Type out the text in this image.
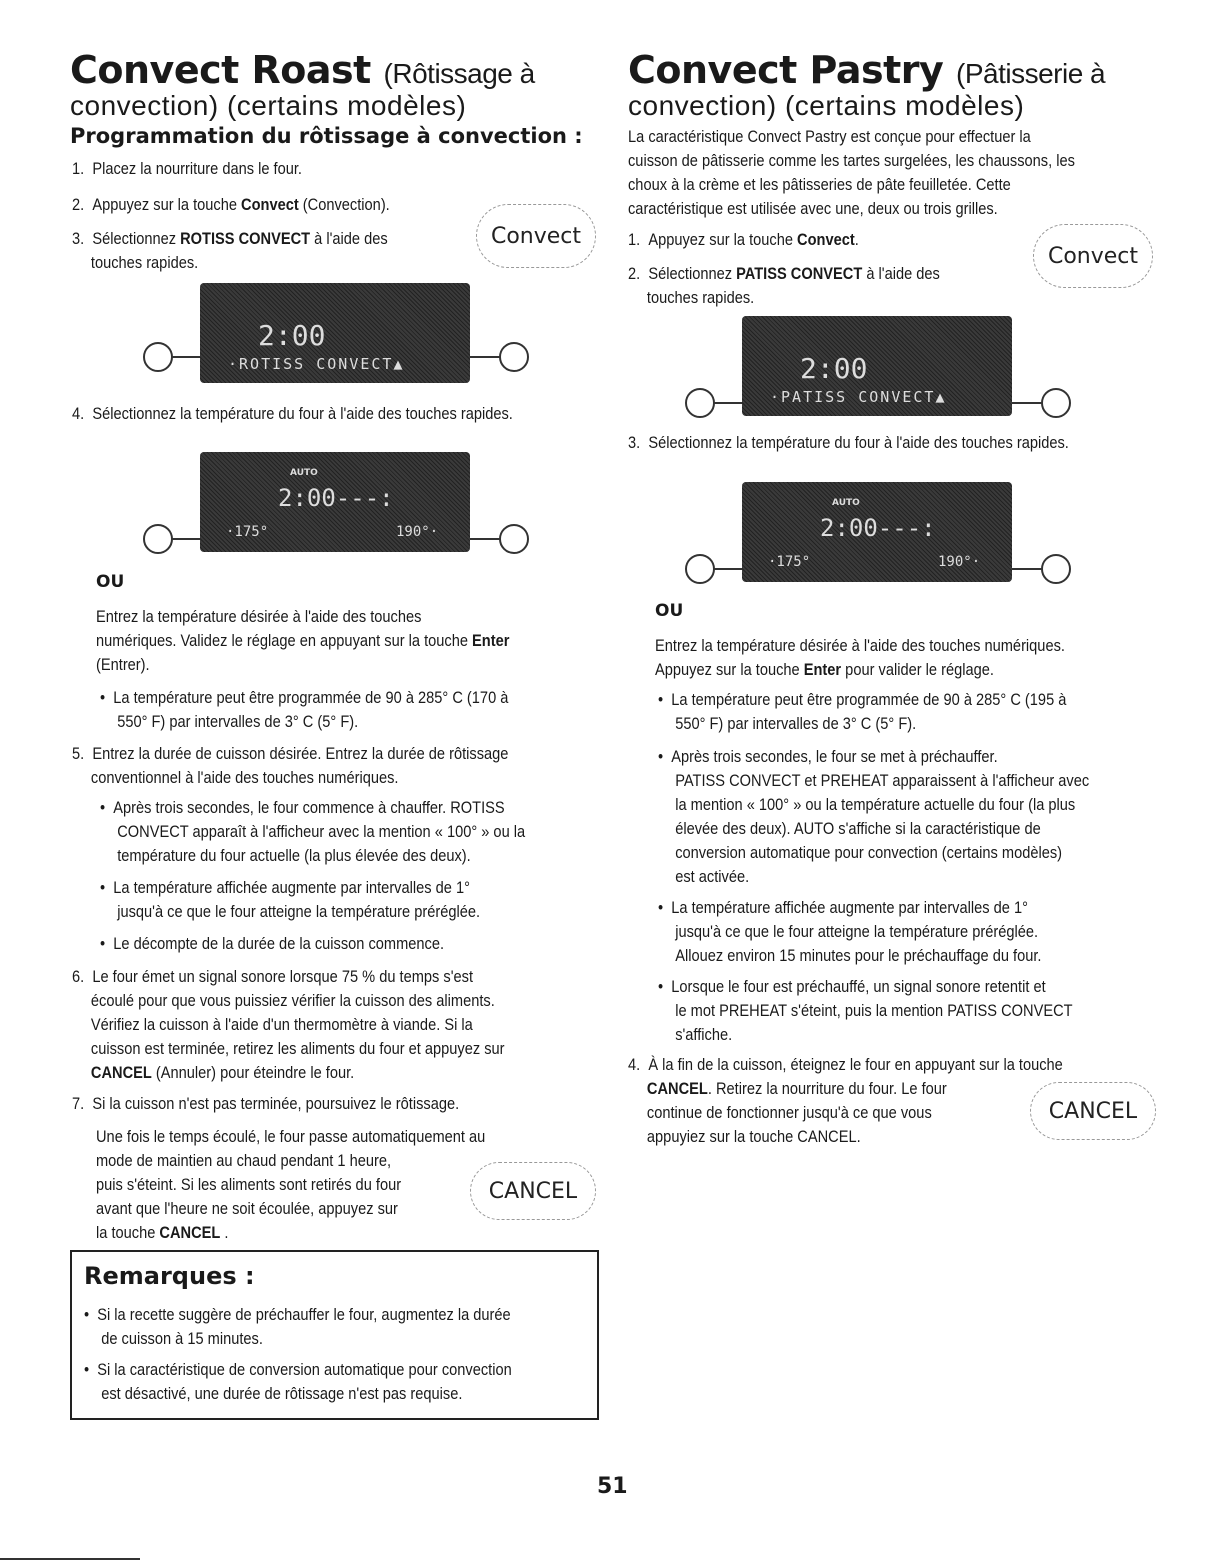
Convect Roast (Rôtissage à
convection) (certains modèles)
Programmation du rôtissage à convection :
1.  Placez la nourriture dans le four.
2.  Appuyez sur la touche Convect (Convection).
3.  Sélectionnez ROTISS CONVECT à l'aide des
touches rapides.
Convect
2:00
·ROTISS CONVECT▲
4.  Sélectionnez la température du four à l'aide des touches rapides.
AUTO
2:00---:
·175°	190°·
OU
Entrez la température désirée à l'aide des touches
numériques. Validez le réglage en appuyant sur la touche Enter
(Entrer).
•  La température peut être programmée de 90 à 285° C (170 à
550° F) par intervalles de 3° C (5° F).
5.  Entrez la durée de cuisson désirée. Entrez la durée de rôtissage
conventionnel à l'aide des touches numériques.
•  Après trois secondes, le four commence à chauffer. ROTISS
CONVECT apparaît à l'afficheur avec la mention « 100° » ou la
température du four actuelle (la plus élevée des deux).
•  La température affichée augmente par intervalles de 1°
jusqu'à ce que le four atteigne la température préréglée.
•  Le décompte de la durée de la cuisson commence.
6.  Le four émet un signal sonore lorsque 75 % du temps s'est
écoulé pour que vous puissiez vérifier la cuisson des aliments.
Vérifiez la cuisson à l'aide d'un thermomètre à viande. Si la
cuisson est terminée, retirez les aliments du four et appuyez sur
CANCEL (Annuler) pour éteindre le four.
7.  Si la cuisson n'est pas terminée, poursuivez le rôtissage.
Une fois le temps écoulé, le four passe automatiquement au
mode de maintien au chaud pendant 1 heure,
puis s'éteint. Si les aliments sont retirés du four
avant que l'heure ne soit écoulée, appuyez sur
la touche CANCEL .
CANCEL
Remarques :
•  Si la recette suggère de préchauffer le four, augmentez la durée
de cuisson à 15 minutes.
•  Si la caractéristique de conversion automatique pour convection
est désactivé, une durée de rôtissage n'est pas requise.
Convect Pastry (Pâtisserie à
convection) (certains modèles)
La caractéristique Convect Pastry est conçue pour effectuer la
cuisson de pâtisserie comme les tartes surgelées, les chaussons, les
choux à la crème et les pâtisseries de pâte feuilletée. Cette
caractéristique est utilisée avec une, deux ou trois grilles.
1.  Appuyez sur la touche Convect.
2.  Sélectionnez PATISS CONVECT à l'aide des
touches rapides.
Convect
2:00
·PATISS CONVECT▲
3.  Sélectionnez la température du four à l'aide des touches rapides.
AUTO
2:00---:
·175°	190°·
OU
Entrez la température désirée à l'aide des touches numériques.
Appuyez sur la touche Enter pour valider le réglage.
•  La température peut être programmée de 90 à 285° C (195 à
550° F) par intervalles de 3° C (5° F).
•  Après trois secondes, le four se met à préchauffer.
PATISS CONVECT et PREHEAT apparaissent à l'afficheur avec
la mention « 100° » ou la température actuelle du four (la plus
élevée des deux). AUTO s'affiche si la caractéristique de
conversion automatique pour convection (certains modèles)
est activée.
•  La température affichée augmente par intervalles de 1°
jusqu'à ce que le four atteigne la température préréglée.
Allouez environ 15 minutes pour le préchauffage du four.
•  Lorsque le four est préchauffé, un signal sonore retentit et
le mot PREHEAT s'éteint, puis la mention PATISS CONVECT
s'affiche.
4.  À la fin de la cuisson, éteignez le four en appuyant sur la touche
CANCEL. Retirez la nourriture du four. Le four
continue de fonctionner jusqu'à ce que vous
appuyiez sur la touche CANCEL.
CANCEL
51
